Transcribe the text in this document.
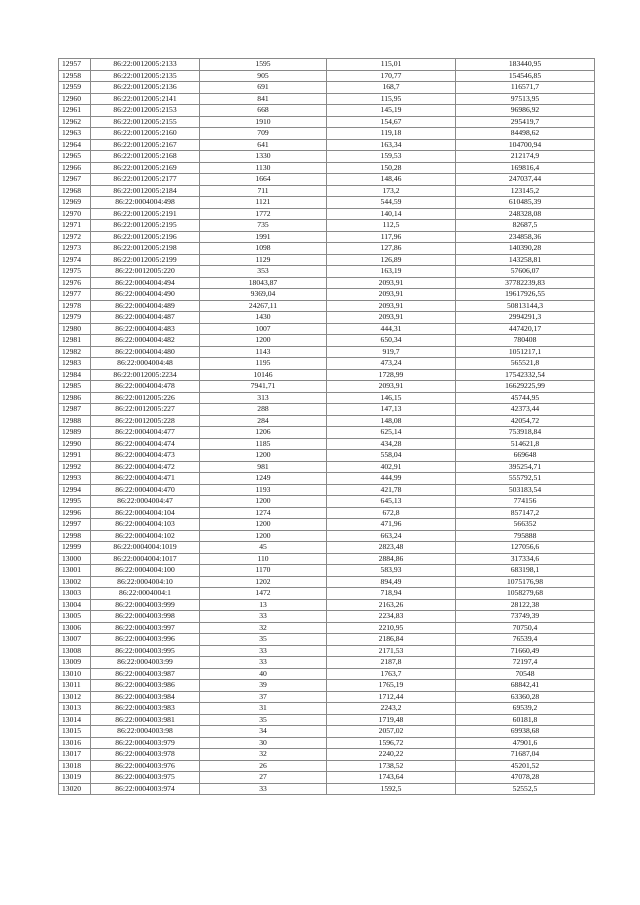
12957	86:22:0012005:2133	1595	115,01	183440,95
12958	86:22:0012005:2135	905	170,77	154546,85
12959	86:22:0012005:2136	691	168,7	116571,7
12960	86:22:0012005:2141	841	115,95	97513,95
12961	86:22:0012005:2153	668	145,19	96986,92
12962	86:22:0012005:2155	1910	154,67	295419,7
12963	86:22:0012005:2160	709	119,18	84498,62
12964	86:22:0012005:2167	641	163,34	104700,94
12965	86:22:0012005:2168	1330	159,53	212174,9
12966	86:22:0012005:2169	1130	150,28	169816,4
12967	86:22:0012005:2177	1664	148,46	247037,44
12968	86:22:0012005:2184	711	173,2	123145,2
12969	86:22:0004004:498	1121	544,59	610485,39
12970	86:22:0012005:2191	1772	140,14	248328,08
12971	86:22:0012005:2195	735	112,5	82687,5
12972	86:22:0012005:2196	1991	117,96	234858,36
12973	86:22:0012005:2198	1098	127,86	140390,28
12974	86:22:0012005:2199	1129	126,89	143258,81
12975	86:22:0012005:220	353	163,19	57606,07
12976	86:22:0004004:494	18043,87	2093,91	37782239,83
12977	86:22:0004004:490	9369,04	2093,91	19617926,55
12978	86:22:0004004:489	24267,11	2093,91	50813144,3
12979	86:22:0004004:487	1430	2093,91	2994291,3
12980	86:22:0004004:483	1007	444,31	447420,17
12981	86:22:0004004:482	1200	650,34	780408
12982	86:22:0004004:480	1143	919,7	1051217,1
12983	86:22:0004004:48	1195	473,24	565521,8
12984	86:22:0012005:2234	10146	1728,99	17542332,54
12985	86:22:0004004:478	7941,71	2093,91	16629225,99
12986	86:22:0012005:226	313	146,15	45744,95
12987	86:22:0012005:227	288	147,13	42373,44
12988	86:22:0012005:228	284	148,08	42054,72
12989	86:22:0004004:477	1206	625,14	753918,84
12990	86:22:0004004:474	1185	434,28	514621,8
12991	86:22:0004004:473	1200	558,04	669648
12992	86:22:0004004:472	981	402,91	395254,71
12993	86:22:0004004:471	1249	444,99	555792,51
12994	86:22:0004004:470	1193	421,78	503183,54
12995	86:22:0004004:47	1200	645,13	774156
12996	86:22:0004004:104	1274	672,8	857147,2
12997	86:22:0004004:103	1200	471,96	566352
12998	86:22:0004004:102	1200	663,24	795888
12999	86:22:0004004:1019	45	2823,48	127056,6
13000	86:22:0004004:1017	110	2884,86	317334,6
13001	86:22:0004004:100	1170	583,93	683198,1
13002	86:22:0004004:10	1202	894,49	1075176,98
13003	86:22:0004004:1	1472	718,94	1058279,68
13004	86:22:0004003:999	13	2163,26	28122,38
13005	86:22:0004003:998	33	2234,83	73749,39
13006	86:22:0004003:997	32	2210,95	70750,4
13007	86:22:0004003:996	35	2186,84	76539,4
13008	86:22:0004003:995	33	2171,53	71660,49
13009	86:22:0004003:99	33	2187,8	72197,4
13010	86:22:0004003:987	40	1763,7	70548
13011	86:22:0004003:986	39	1765,19	68842,41
13012	86:22:0004003:984	37	1712,44	63360,28
13013	86:22:0004003:983	31	2243,2	69539,2
13014	86:22:0004003:981	35	1719,48	60181,8
13015	86:22:0004003:98	34	2057,02	69938,68
13016	86:22:0004003:979	30	1596,72	47901,6
13017	86:22:0004003:978	32	2240,22	71687,04
13018	86:22:0004003:976	26	1738,52	45201,52
13019	86:22:0004003:975	27	1743,64	47078,28
13020	86:22:0004003:974	33	1592,5	52552,5
